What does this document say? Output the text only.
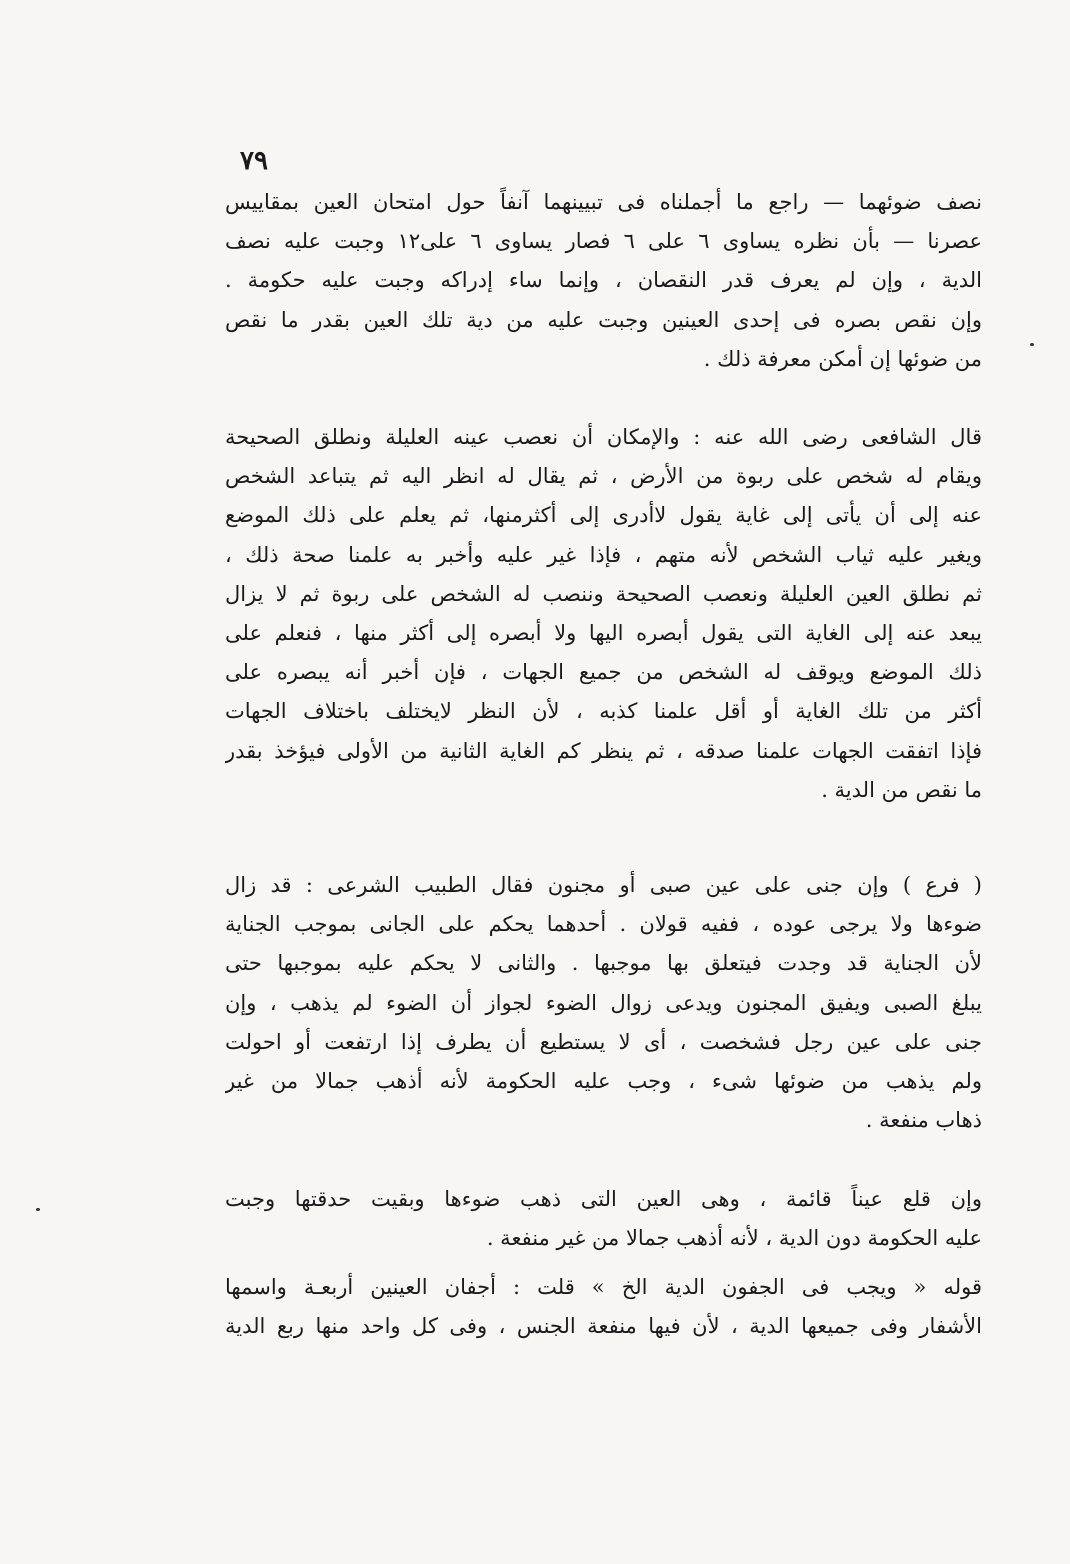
٧٩
نصف ضوئهما — راجع ما أجملناه فى تبيينهما آنفاً حول امتحان العين بمقاييس
عصرنا — بأن نظره يساوى ٦ على ٦ فصار يساوى ٦ على١٢ وجبت عليه نصف
الدية ، وإن لم يعرف قدر النقصان ، وإنما ساء إدراكه وجبت عليه حكومة .
وإن نقص بصره فى إحدى العينين وجبت عليه من دية تلك العين بقدر ما نقص
من ضوئها إن أمكن معرفة ذلك .
قال الشافعى رضى الله عنه : والإمكان أن نعصب عينه العليلة ونطلق الصحيحة
ويقام له شخص على ربوة من الأرض ، ثم يقال له انظر اليه ثم يتباعد الشخص
عنه إلى أن يأتى إلى غاية يقول لاأدرى إلى أكثرمنها، ثم يعلم على ذلك الموضع
ويغير عليه ثياب الشخص لأنه متهم ، فإذا غير عليه وأخبر به علمنا صحة ذلك ،
ثم نطلق العين العليلة ونعصب الصحيحة وننصب له الشخص على ربوة ثم لا يزال
يبعد عنه إلى الغاية التى يقول أبصره اليها ولا أبصره إلى أكثر منها ، فنعلم على
ذلك الموضع ويوقف له الشخص من جميع الجهات ، فإن أخبر أنه يبصره على
أكثر من تلك الغاية أو أقل علمنا كذبه ، لأن النظر لايختلف باختلاف الجهات
فإذا اتفقت الجهات علمنا صدقه ، ثم ينظر كم الغاية الثانية من الأولى فيؤخذ بقدر
ما نقص من الدية .
( فرع ) وإن جنى على عين صبى أو مجنون فقال الطبيب الشرعى : قد زال
ضوءها ولا يرجى عوده ، ففيه قولان . أحدهما يحكم على الجانى بموجب الجناية
لأن الجناية قد وجدت فيتعلق بها موجبها . والثانى لا يحكم عليه بموجبها حتى
يبلغ الصبى ويفيق المجنون ويدعى زوال الضوء لجواز أن الضوء لم يذهب ، وإن
جنى على عين رجل فشخصت ، أى لا يستطيع أن يطرف إذا ارتفعت أو احولت
ولم يذهب من ضوئها شىء ، وجب عليه الحكومة لأنه أذهب جمالا من غير
ذهاب منفعة .
وإن قلع عيناً قائمة ، وهى العين التى ذهب ضوءها وبقيت حدقتها وجبت
عليه الحكومة دون الدية ، لأنه أذهب جمالا من غير منفعة .
قوله « ويجب فى الجفون الدية الخ » قلت : أجفان العينين أربعـة واسمها
الأشفار وفى جميعها الدية ، لأن فيها منفعة الجنس ، وفى كل واحد منها ربع الدية
